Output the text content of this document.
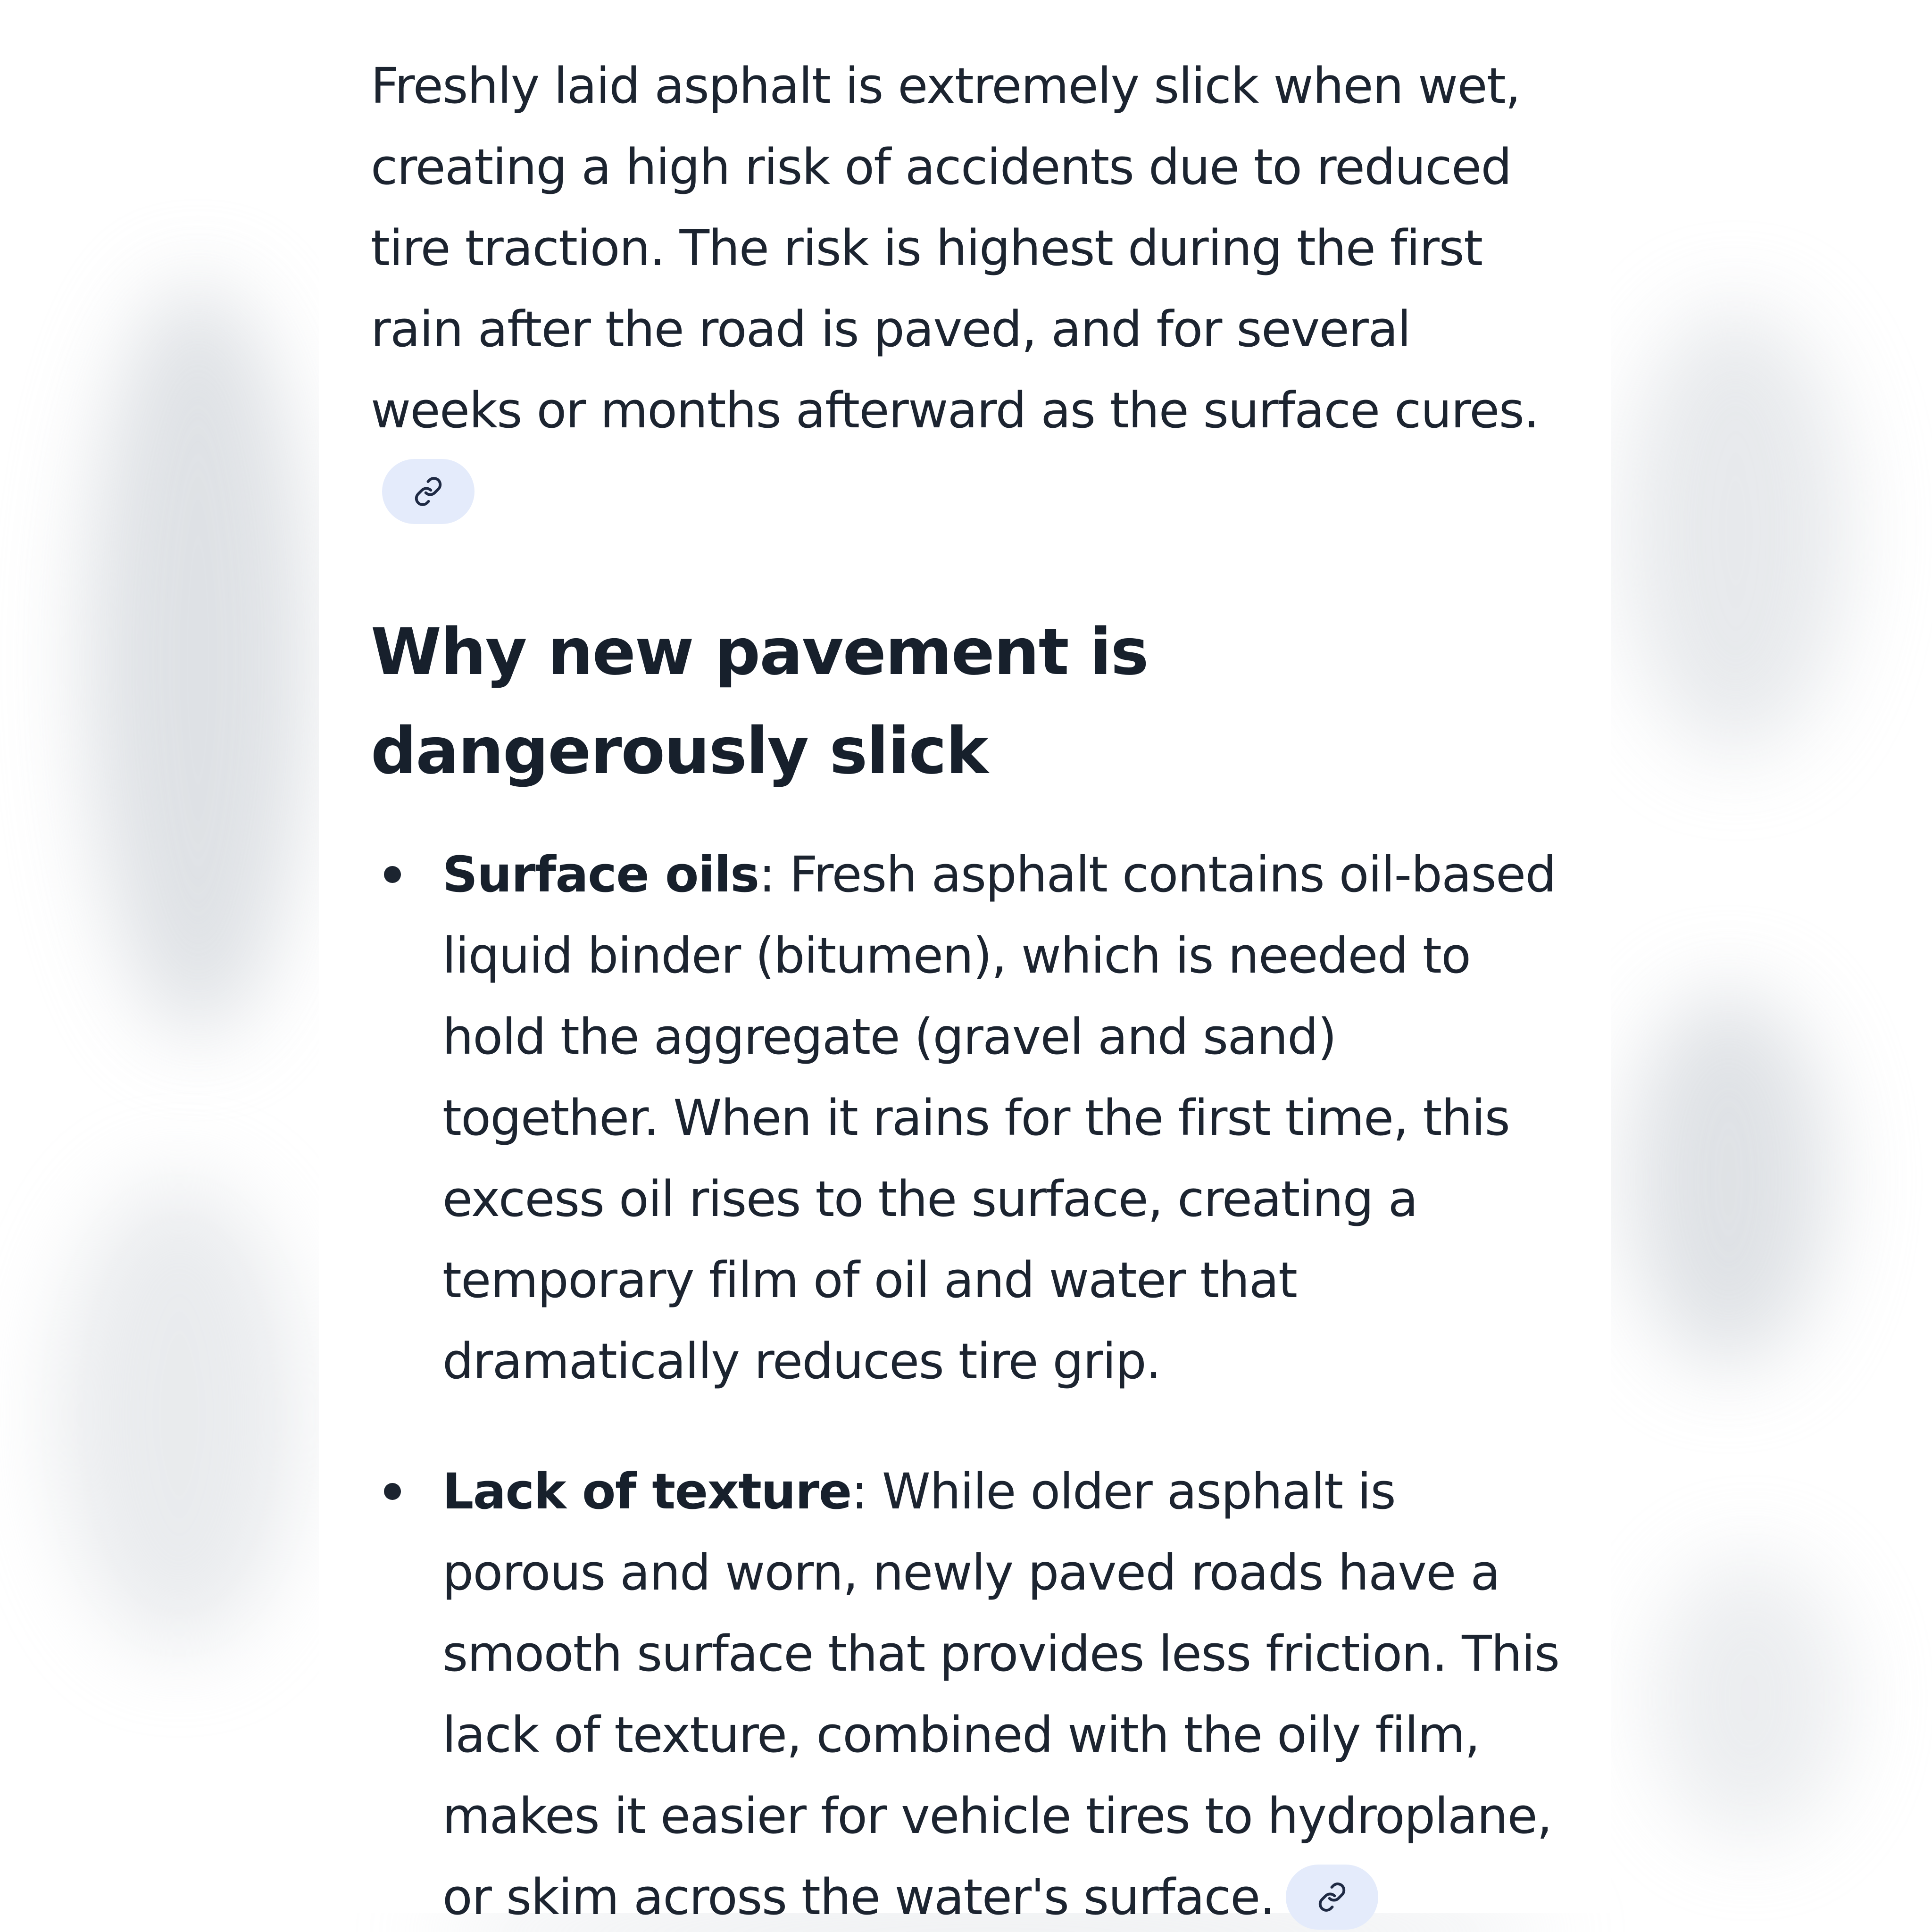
Freshly laid asphalt is extremely slick when wet, creating a high risk of accidents due to reduced tire traction. The risk is highest during the first rain after the road is paved, and for several weeks or months afterward as the surface cures.

Why new pavement is dangerously slick
Surface oils: Fresh asphalt contains oil-based liquid binder (bitumen), which is needed to hold the aggregate (gravel and sand) together. When it rains for the first time, this excess oil rises to the surface, creating a temporary film of oil and water that dramatically reduces tire grip.
Lack of texture: While older asphalt is porous and worn, newly paved roads have a smooth surface that provides less friction. This lack of texture, combined with the oily film, makes it easier for vehicle tires to hydroplane, or skim across the water's surface.
